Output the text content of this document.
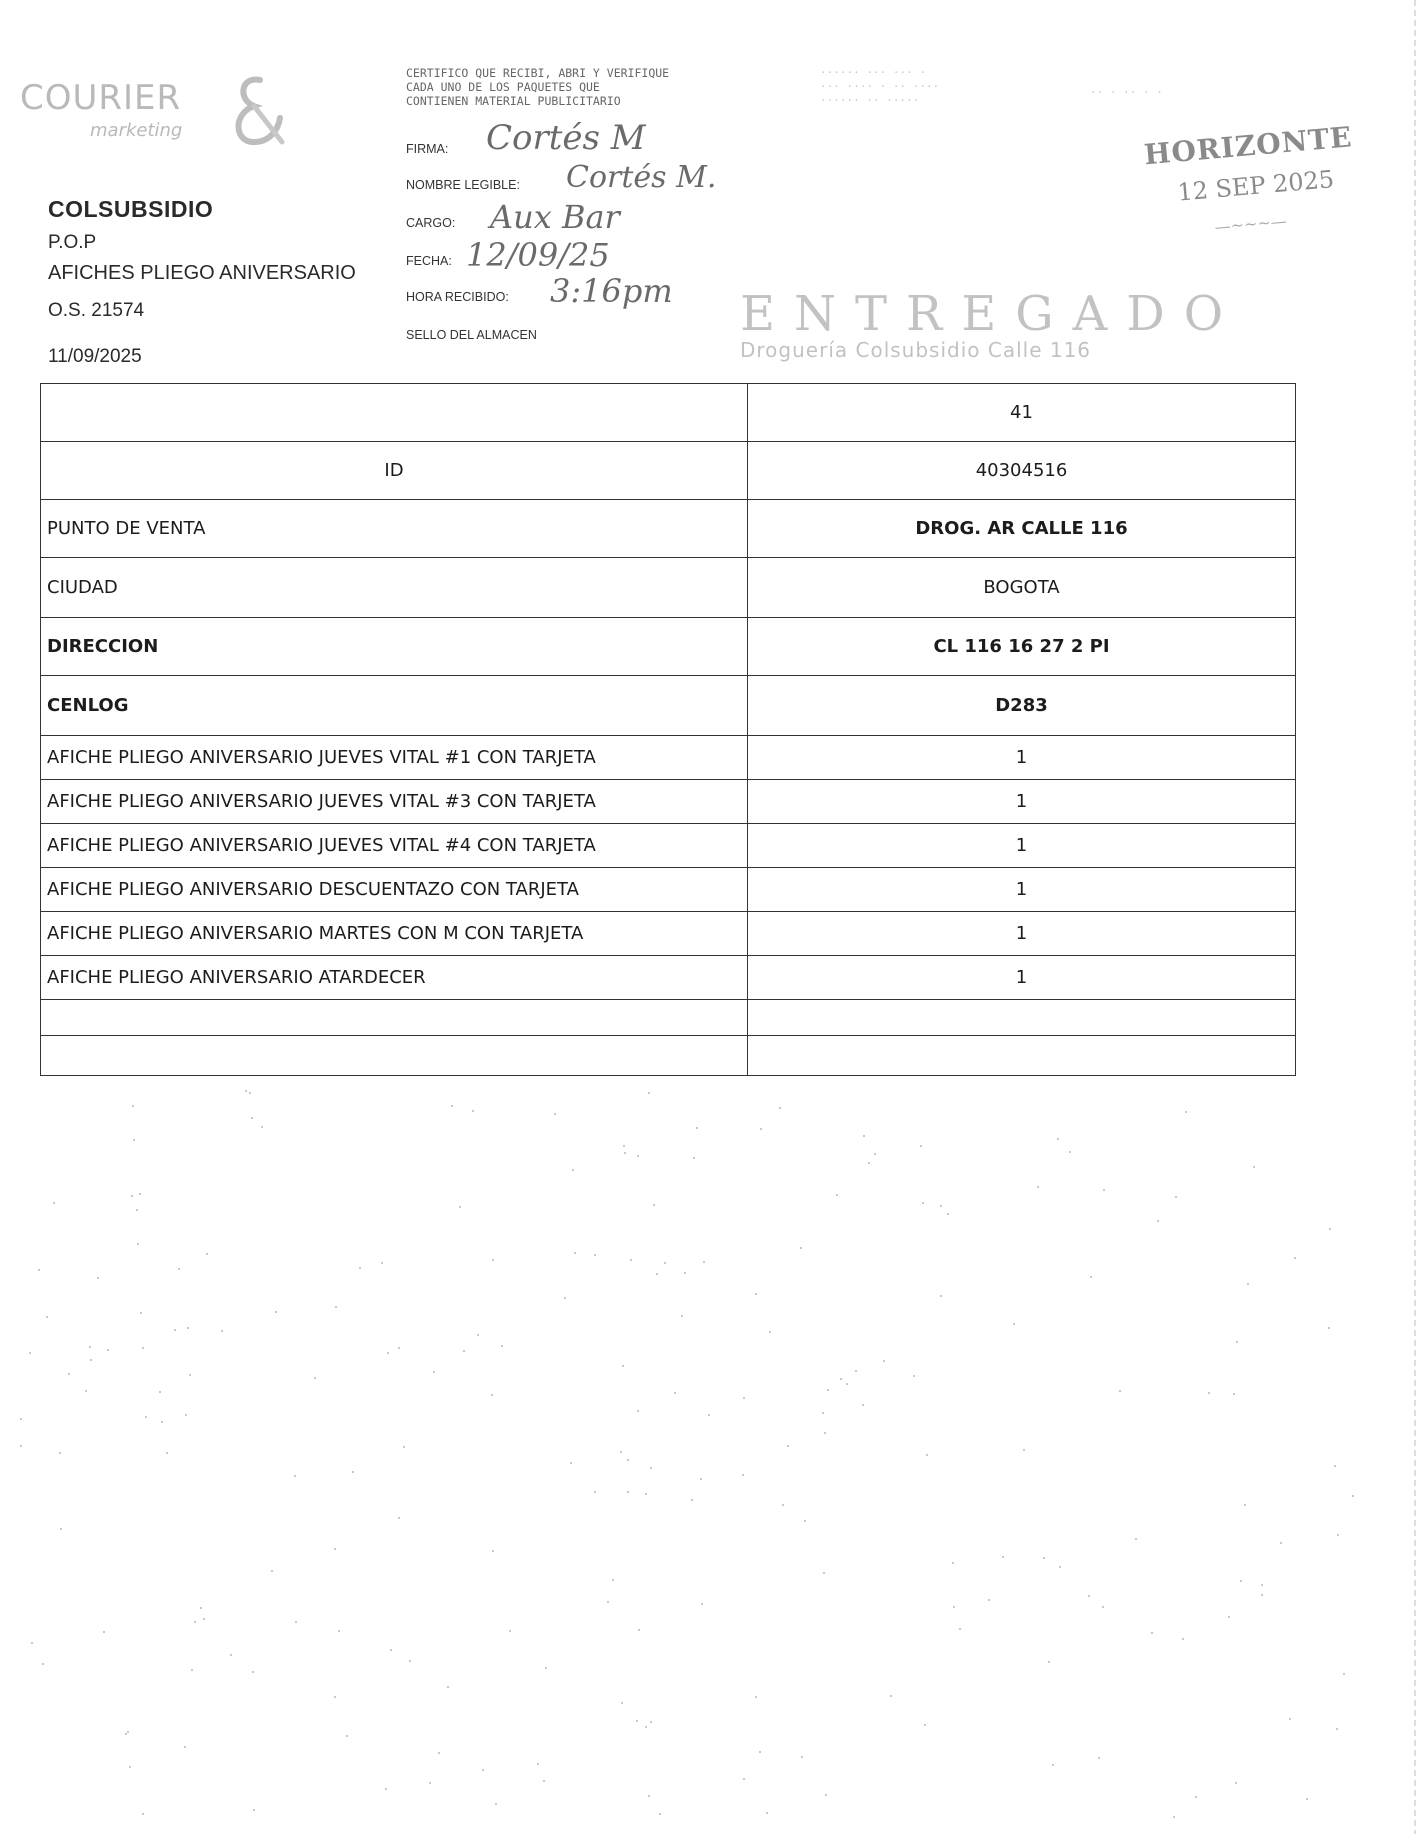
COURIER
marketing
COLSUBSIDIO
P.O.P
AFICHES PLIEGO ANIVERSARIO
O.S. 21574
11/09/2025
CERTIFICO QUE RECIBI, ABRI Y VERIFIQUE
CADA UNO DE LOS PAQUETES QUE
CONTIENEN MATERIAL PUBLICITARIO
······ ··· ··· ·
··· ···· · ·· ····
······ ·· ·····
·· · ·· · ·
FIRMA:
NOMBRE LEGIBLE:
CARGO:
FECHA:
HORA RECIBIDO:
SELLO DEL ALMACEN
Cortés M
Cortés M.
Aux Bar
12/09/25
3:16pm
HORIZONTE
12 SEP 2025
—~~~—
ENTREGADO
Droguería Colsubsidio Calle 116
	41
ID	40304516
PUNTO DE VENTA	DROG. AR CALLE 116
CIUDAD	BOGOTA
DIRECCION	CL 116 16 27 2 PI
CENLOG	D283
AFICHE PLIEGO ANIVERSARIO JUEVES VITAL #1 CON TARJETA	1
AFICHE PLIEGO ANIVERSARIO JUEVES VITAL #3 CON TARJETA	1
AFICHE PLIEGO ANIVERSARIO JUEVES VITAL #4 CON TARJETA	1
AFICHE PLIEGO ANIVERSARIO DESCUENTAZO CON TARJETA	1
AFICHE PLIEGO ANIVERSARIO MARTES CON M CON TARJETA	1
AFICHE PLIEGO ANIVERSARIO ATARDECER	1
